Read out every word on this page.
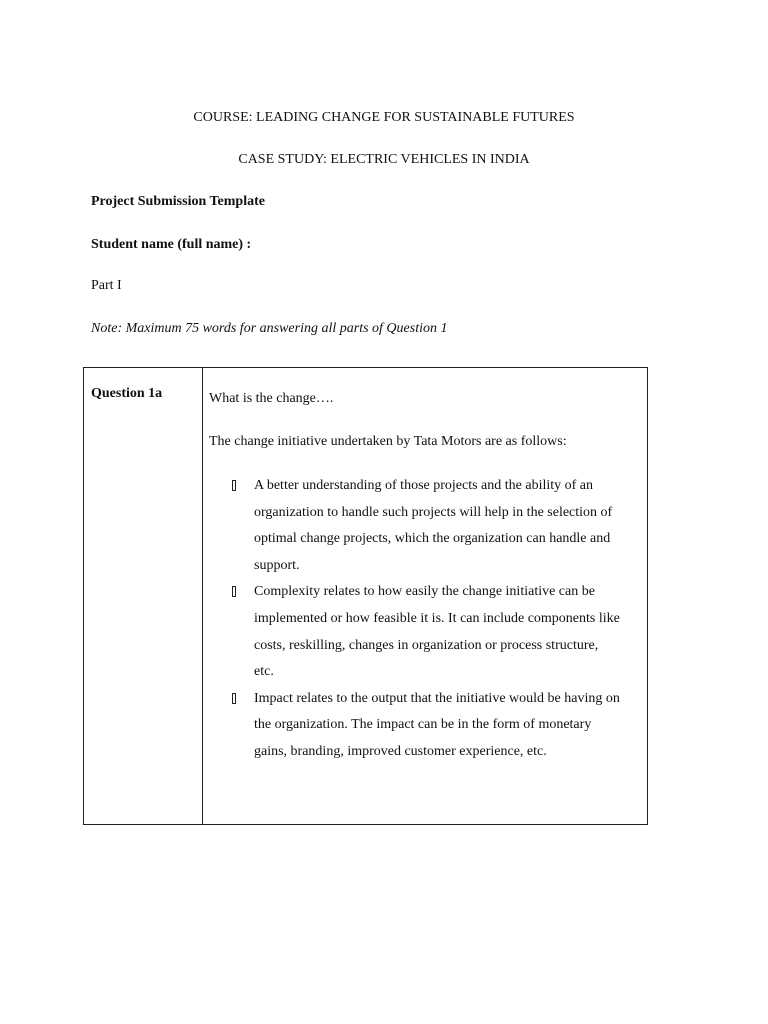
COURSE: LEADING CHANGE FOR SUSTAINABLE FUTURES
CASE STUDY: ELECTRIC VEHICLES IN INDIA
Project Submission Template
Student name (full name) :
Part I
Note: Maximum 75 words for answering all parts of Question 1
Question 1a	What is the change….
The change initiative undertaken by Tata Motors are as follows:
A better understanding of those projects and the ability of an organization to handle such projects will help in the selection of optimal change projects, which the organization can handle and support.
Complexity relates to how easily the change initiative can be implemented or how feasible it is. It can include components like costs, reskilling, changes in organization or process structure, etc.
Impact relates to the output that the initiative would be having on the organization. The impact can be in the form of monetary gains, branding, improved customer experience, etc.
